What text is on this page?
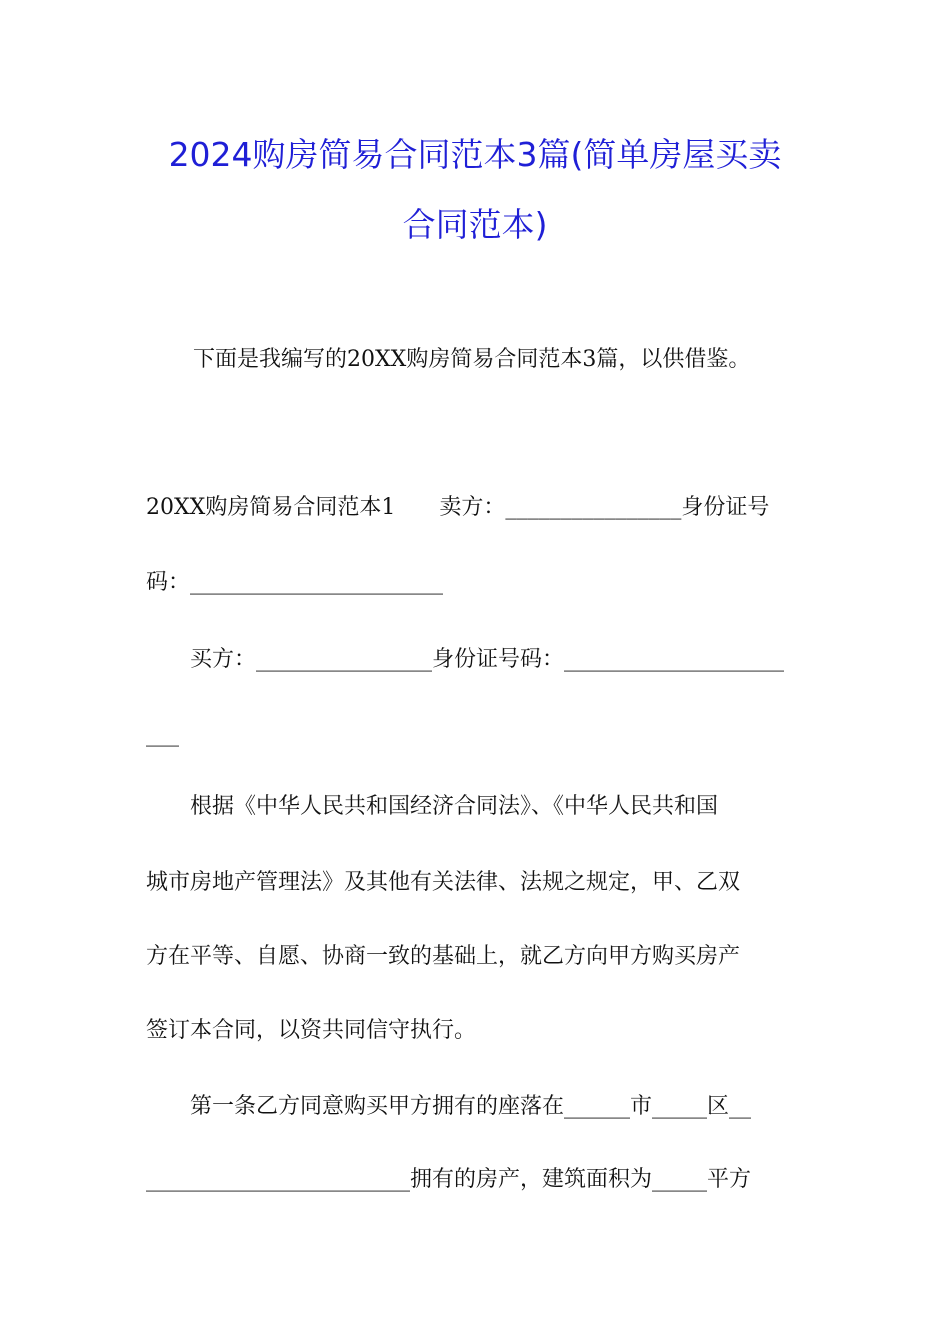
2024购房简易合同范本3篇(简单房屋买卖
合同范本)

下面是我编写的20XX购房简易合同范本3篇，以供借鉴。

20XX购房简易合同范本1　　卖方：________________身份证号

码：_______________________

　　买方：________________身份证号码：____________________

___

　　根据《中华人民共和国经济合同法》、《中华人民共和国

城市房地产管理法》及其他有关法律、法规之规定，甲、乙双

方在平等、自愿、协商一致的基础上，就乙方向甲方购买房产

签订本合同，以资共同信守执行。

　　第一条乙方同意购买甲方拥有的座落在______市_____区__

________________________拥有的房产，建筑面积为_____平方
